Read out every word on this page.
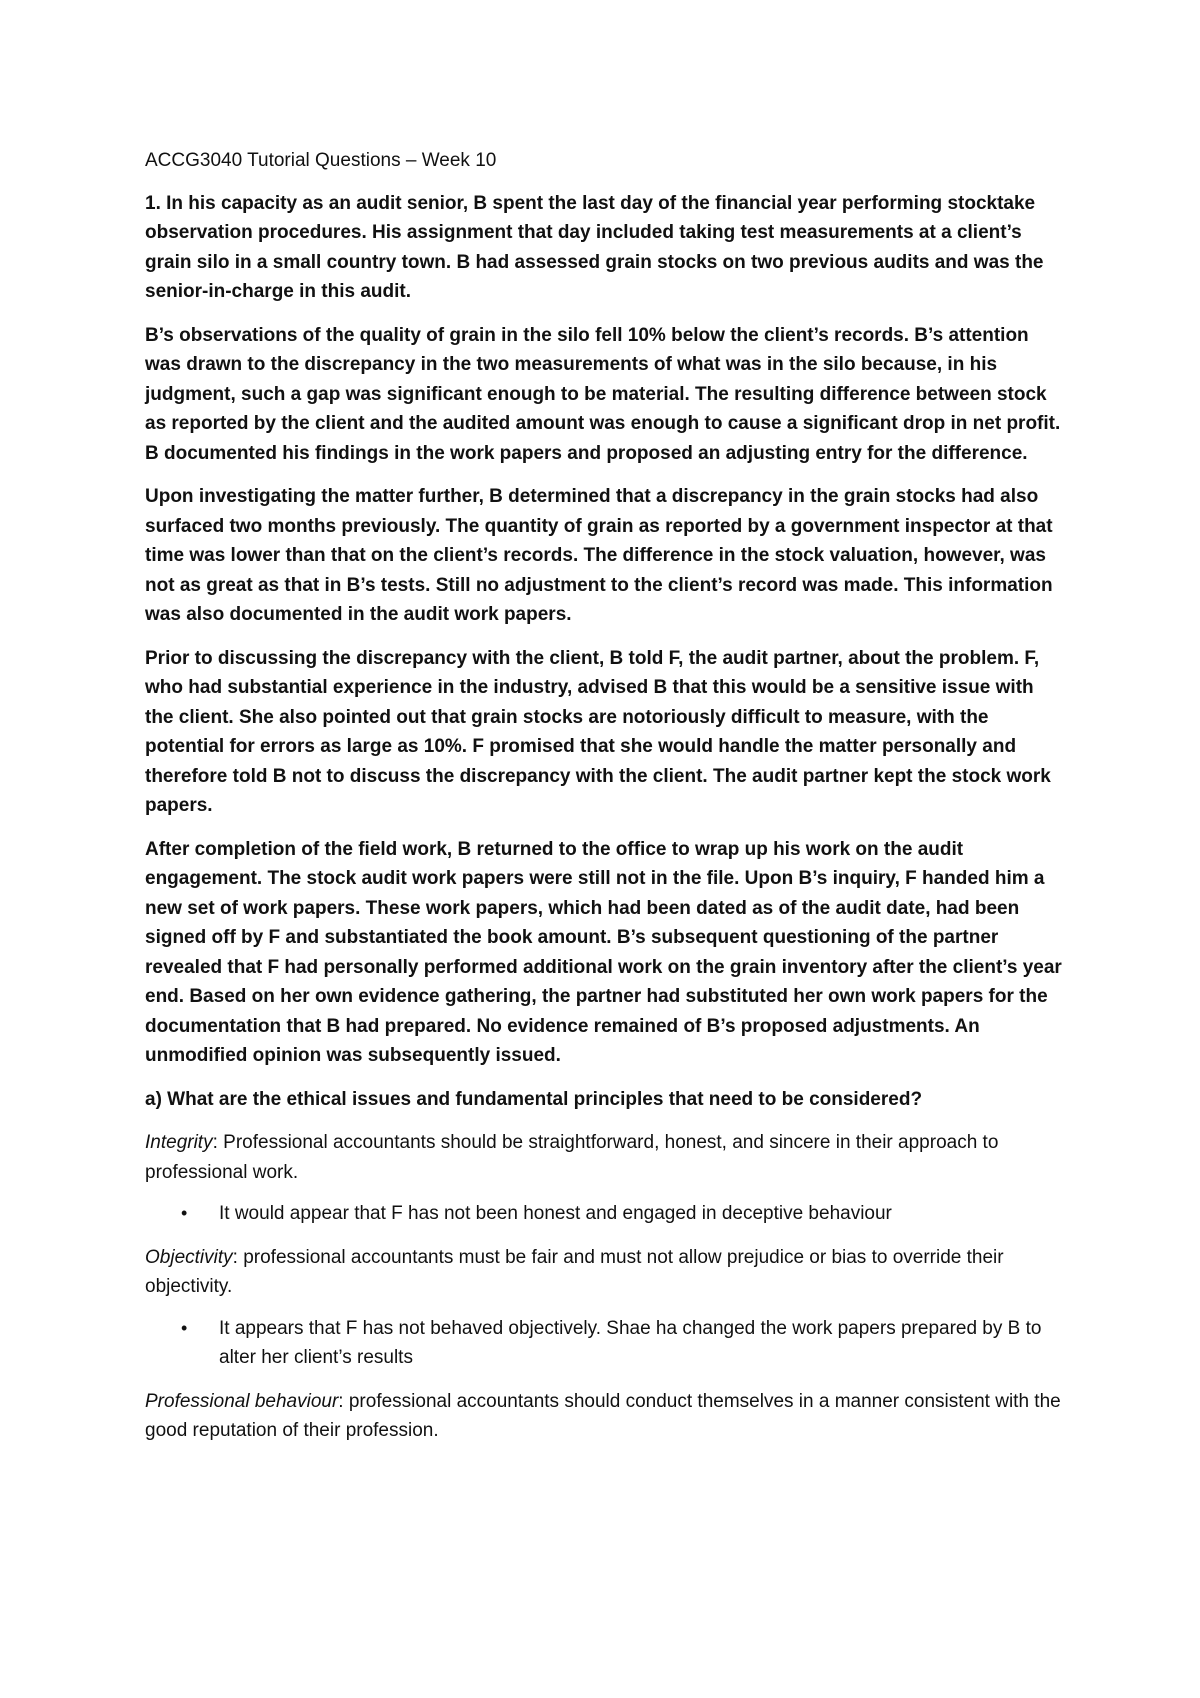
ACCG3040 Tutorial Questions – Week 10

1. In his capacity as an audit senior, B spent the last day of the financial year performing stocktake observation procedures. His assignment that day included taking test measurements at a client’s grain silo in a small country town. B had assessed grain stocks on two previous audits and was the senior-in-charge in this audit.

B’s observations of the quality of grain in the silo fell 10% below the client’s records. B’s attention was drawn to the discrepancy in the two measurements of what was in the silo because, in his judgment, such a gap was significant enough to be material. The resulting difference between stock as reported by the client and the audited amount was enough to cause a significant drop in net profit. B documented his findings in the work papers and proposed an adjusting entry for the difference.

Upon investigating the matter further, B determined that a discrepancy in the grain stocks had also surfaced two months previously. The quantity of grain as reported by a government inspector at that time was lower than that on the client’s records. The difference in the stock valuation, however, was not as great as that in B’s tests. Still no adjustment to the client’s record was made. This information was also documented in the audit work papers.

Prior to discussing the discrepancy with the client, B told F, the audit partner, about the problem. F, who had substantial experience in the industry, advised B that this would be a sensitive issue with the client. She also pointed out that grain stocks are notoriously difficult to measure, with the potential for errors as large as 10%. F promised that she would handle the matter personally and therefore told B not to discuss the discrepancy with the client. The audit partner kept the stock work papers.

After completion of the field work, B returned to the office to wrap up his work on the audit engagement. The stock audit work papers were still not in the file. Upon B’s inquiry, F handed him a new set of work papers. These work papers, which had been dated as of the audit date, had been signed off by F and substantiated the book amount. B’s subsequent questioning of the partner revealed that F had personally performed additional work on the grain inventory after the client’s year end. Based on her own evidence gathering, the partner had substituted her own work papers for the documentation that B had prepared. No evidence remained of B’s proposed adjustments. An unmodified opinion was subsequently issued.

a) What are the ethical issues and fundamental principles that need to be considered?

Integrity: Professional accountants should be straightforward, honest, and sincere in their approach to professional work.

• It would appear that F has not been honest and engaged in deceptive behaviour

Objectivity: professional accountants must be fair and must not allow prejudice or bias to override their objectivity.

• It appears that F has not behaved objectively. Shae ha changed the work papers prepared by B to alter her client’s results

Professional behaviour: professional accountants should conduct themselves in a manner consistent with the good reputation of their profession.
